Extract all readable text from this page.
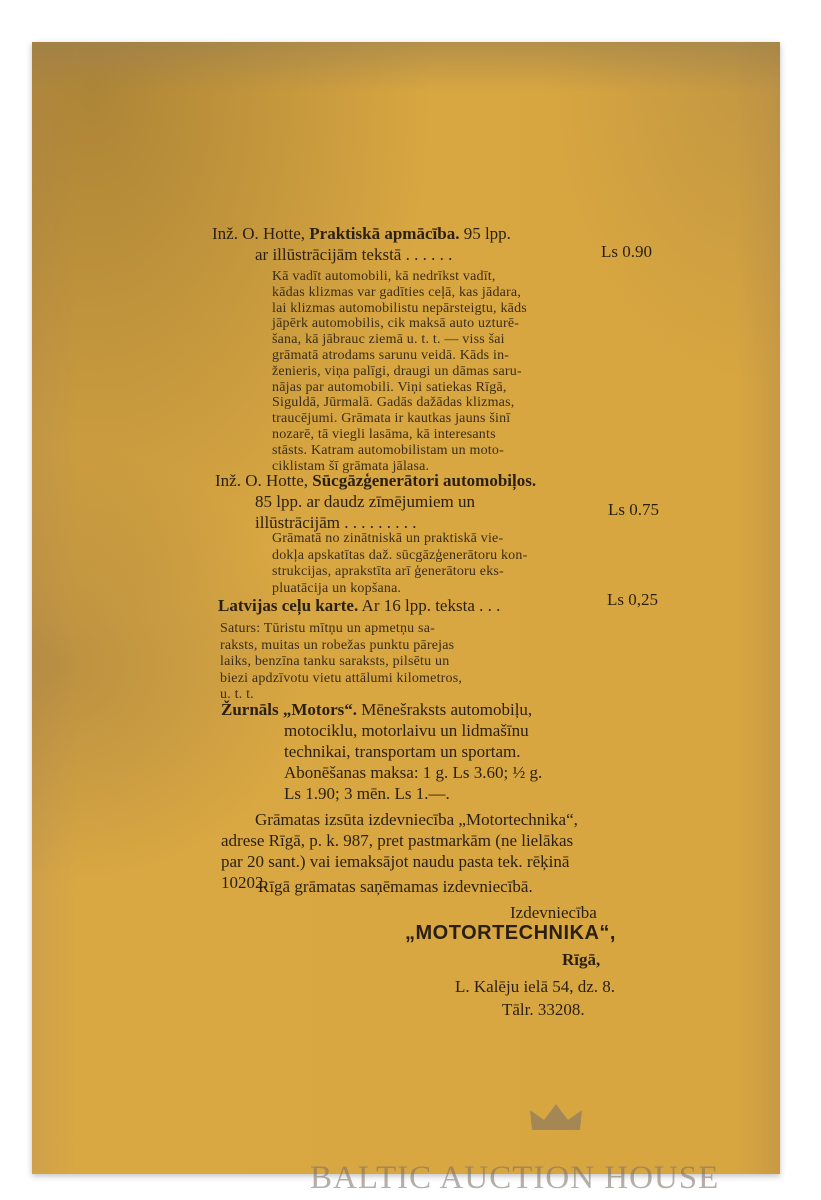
Inž. O. Hotte, Praktiskā apmācība. 95 lpp.
ar illūstrācijām tekstā . . . . . .	Ls 0.90
Kā vadīt automobili, kā nedrīkst vadīt,
kādas klizmas var gadīties ceļā, kas jādara,
lai klizmas automobilistu nepārsteigtu, kāds
jāpērk automobilis, cik maksā auto uzturē-
šana, kā jābrauc ziemā u. t. t. — viss šai
grāmatā atrodams sarunu veidā. Kāds in-
ženieris, viņa palīgi, draugi un dāmas saru-
nājas par automobili. Viņi satiekas Rīgā,
Siguldā, Jūrmalā. Gadās dažādas klizmas,
traucējumi. Grāmata ir kautkas jauns šinī
nozarē, tā viegli lasāma, kā interesants
stāsts. Katram automobilistam un moto-
ciklistam šī grāmata jālasa.
Inž. O. Hotte, Sūcgāzģenerātori automobiļos.
85 lpp. ar daudz zīmējumiem un
illūstrācijām . . . . . . . . .
Ls 0.75
Grāmatā no zinātniskā un praktiskā vie-
dokļa apskatītas daž. sūcgāzģenerātoru kon-
strukcijas, aprakstīta arī ģenerātoru eks-
pluatācija un kopšana.
Latvijas ceļu karte. Ar 16 lpp. teksta . . .	Ls 0,25
Saturs: Tūristu mītņu un apmetņu sa-
raksts, muitas un robežas punktu pārejas
laiks, benzīna tanku saraksts, pilsētu un
biezi apdzīvotu vietu attālumi kilometros,
u. t. t.
Žurnāls „Motors“. Mēnešraksts automobiļu,
motociklu, motorlaivu un lidmašīnu
technikai, transportam un sportam.
Abonēšanas maksa: 1 g. Ls 3.60; ½ g.
Ls 1.90; 3 mēn. Ls 1.—.
Grāmatas izsūta izdevniecība „Motortechnika“,
adrese Rīgā, p. k. 987, pret pastmarkām (ne lielākas
par 20 sant.) vai iemaksājot naudu pasta tek. rēķinā
10202.
Rīgā grāmatas saņēmamas izdevniecībā.
Izdevniecība
„MOTORTECHNIKA“,
Rīgā,
L. Kalēju ielā 54, dz. 8.
Tālr. 33208.
BALTIC AUCTION HOUSE
